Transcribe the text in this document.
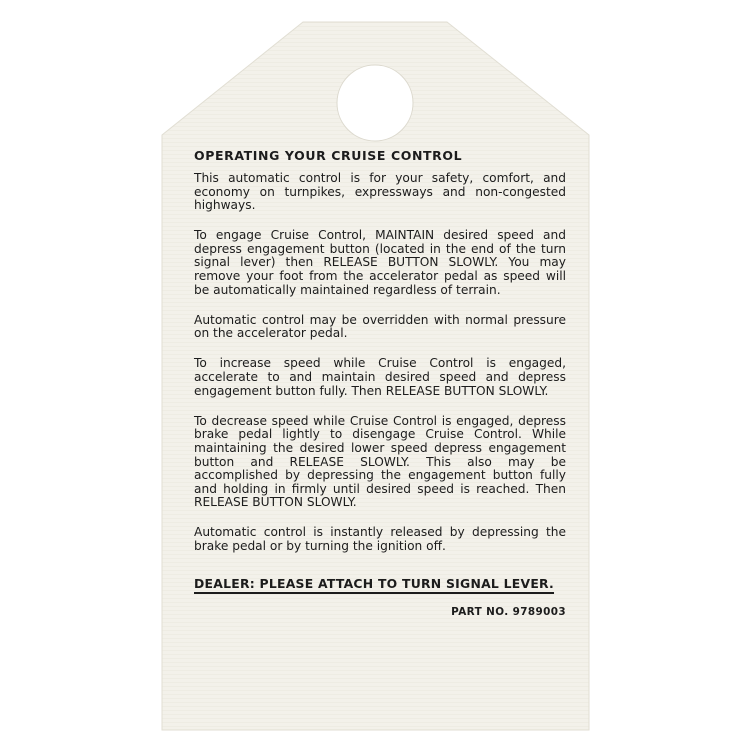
OPERATING YOUR CRUISE CONTROL

This automatic control is for your safety, comfort, and economy on turnpikes, expressways and non-congested highways.

To engage Cruise Control, MAINTAIN desired speed and depress engagement button (located in the end of the turn signal lever) then RELEASE BUTTON SLOWLY. You may remove your foot from the accelerator pedal as speed will be automatically maintained regardless of terrain.

Automatic control may be overridden with normal pressure on the accelerator pedal.

To increase speed while Cruise Control is engaged, accelerate to and maintain desired speed and depress engagement button fully. Then RELEASE BUTTON SLOWLY.

To decrease speed while Cruise Control is engaged, depress brake pedal lightly to disengage Cruise Control. While maintaining the desired lower speed depress engagement button and RELEASE SLOWLY. This also may be accomplished by depressing the engagement button fully and holding in firmly until desired speed is reached. Then RELEASE BUTTON SLOWLY.

Automatic control is instantly released by depressing the brake pedal or by turning the ignition off.

DEALER: PLEASE ATTACH TO TURN SIGNAL LEVER.
PART NO. 9789003
